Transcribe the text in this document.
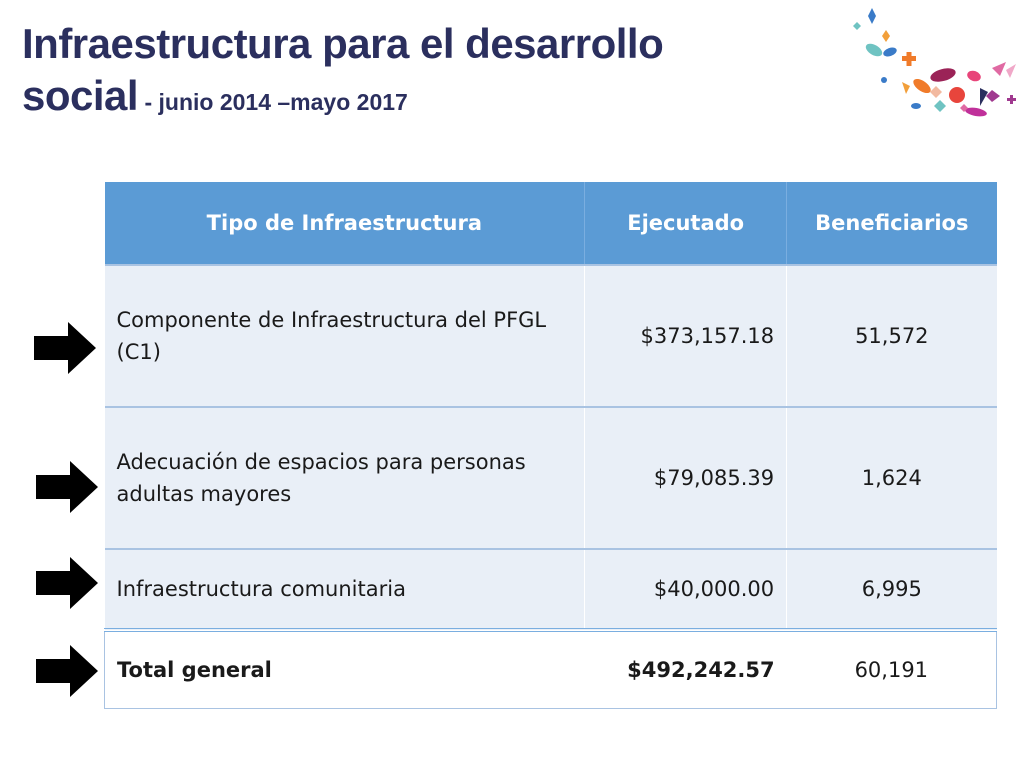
Infraestructura para el desarrollo
social - junio 2014 –mayo 2017
Tipo de Infraestructura	Ejecutado	Beneficiarios
Componente de Infraestructura del PFGL (C1)	$373,157.18	51,572
Adecuación de espacios para personas adultas mayores	$79,085.39	1,624
Infraestructura comunitaria	$40,000.00	6,995
Total general	$492,242.57	60,191
